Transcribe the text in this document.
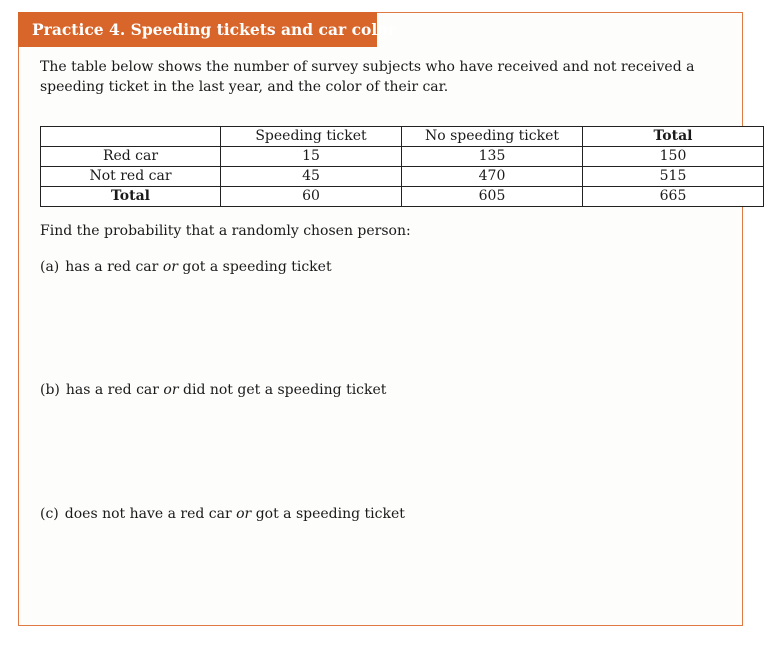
Practice 4. Speeding tickets and car color
The table below shows the number of survey subjects who have received and not received a speeding ticket in the last year, and the color of their car.
	Speeding ticket	No speeding ticket	Total
Red car	15	135	150
Not red car	45	470	515
Total	60	605	665
Find the probability that a randomly chosen person:
(a) has a red car or got a speeding ticket
(b) has a red car or did not get a speeding ticket
(c) does not have a red car or got a speeding ticket
